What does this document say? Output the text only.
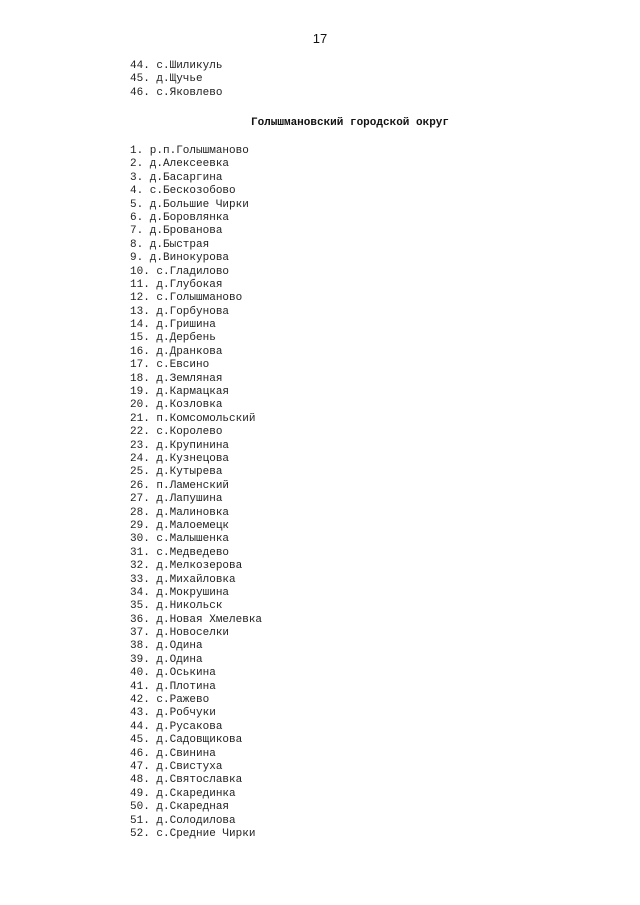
17
44. с.Шиликуль
45. д.Щучье
46. с.Яковлево
Голышмановский городской округ
1. р.п.Голышманово
2. д.Алексеевка
3. д.Басаргина
4. с.Бескозобово
5. д.Большие Чирки
6. д.Боровлянка
7. д.Брованова
8. д.Быстрая
9. д.Винокурова
10. с.Гладилово
11. д.Глубокая
12. с.Голышманово
13. д.Горбунова
14. д.Гришина
15. д.Дербень
16. д.Дранкова
17. с.Евсино
18. д.Земляная
19. д.Кармацкая
20. д.Козловка
21. п.Комсомольский
22. с.Королево
23. д.Крупинина
24. д.Кузнецова
25. д.Кутырева
26. п.Ламенский
27. д.Лапушина
28. д.Малиновка
29. д.Малоемецк
30. с.Малышенка
31. с.Медведево
32. д.Мелкозерова
33. д.Михайловка
34. д.Мокрушина
35. д.Никольск
36. д.Новая Хмелевка
37. д.Новоселки
38. д.Одина
39. д.Одина
40. д.Оськина
41. д.Плотина
42. с.Ражево
43. д.Робчуки
44. д.Русакова
45. д.Садовщикова
46. д.Свинина
47. д.Свистуха
48. д.Святославка
49. д.Скарединка
50. д.Скаредная
51. д.Солодилова
52. с.Средние Чирки
